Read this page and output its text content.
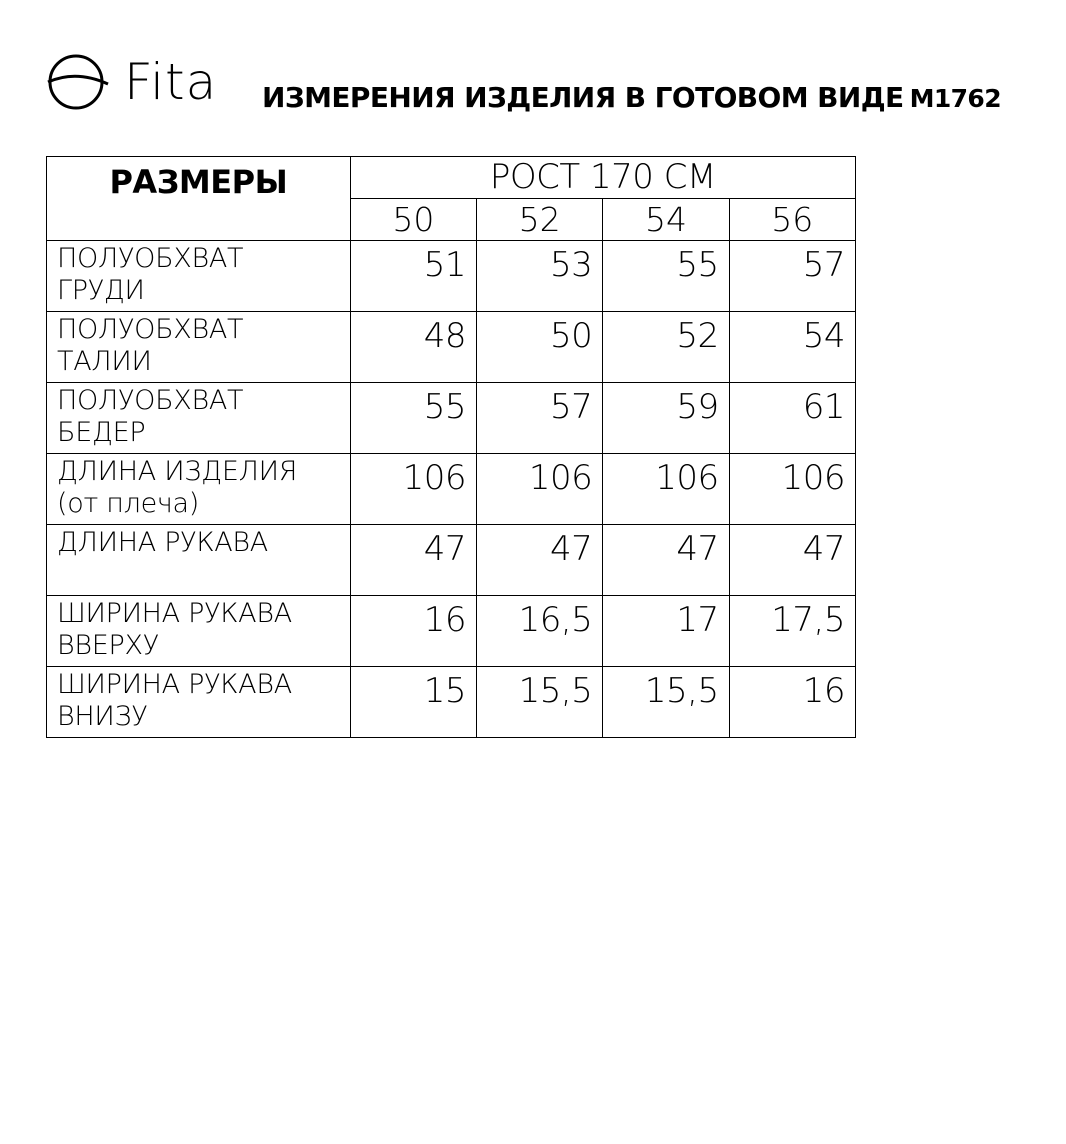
Fita ИЗМЕРЕНИЯ ИЗДЕЛИЯ В ГОТОВОМ ВИДЕ М1762
РАЗМЕРЫ	РОСТ 170 СМ			
	50	52	54	56

ПОЛУОБХВАТ
ГРУДИ	51	53	55	57

ПОЛУОБХВАТ
ТАЛИИ	48	50	52	54

ПОЛУОБХВАТ
БЕДЕР	55	57	59	61

ДЛИНА ИЗДЕЛИЯ
(от плеча)	106	106	106	106

ДЛИНА РУКАВА	47	47	47	47

ШИРИНА РУКАВА
ВВЕРХУ	16	16,5	17	17,5

ШИРИНА РУКАВА
ВНИЗУ	15	15,5	15,5	16
